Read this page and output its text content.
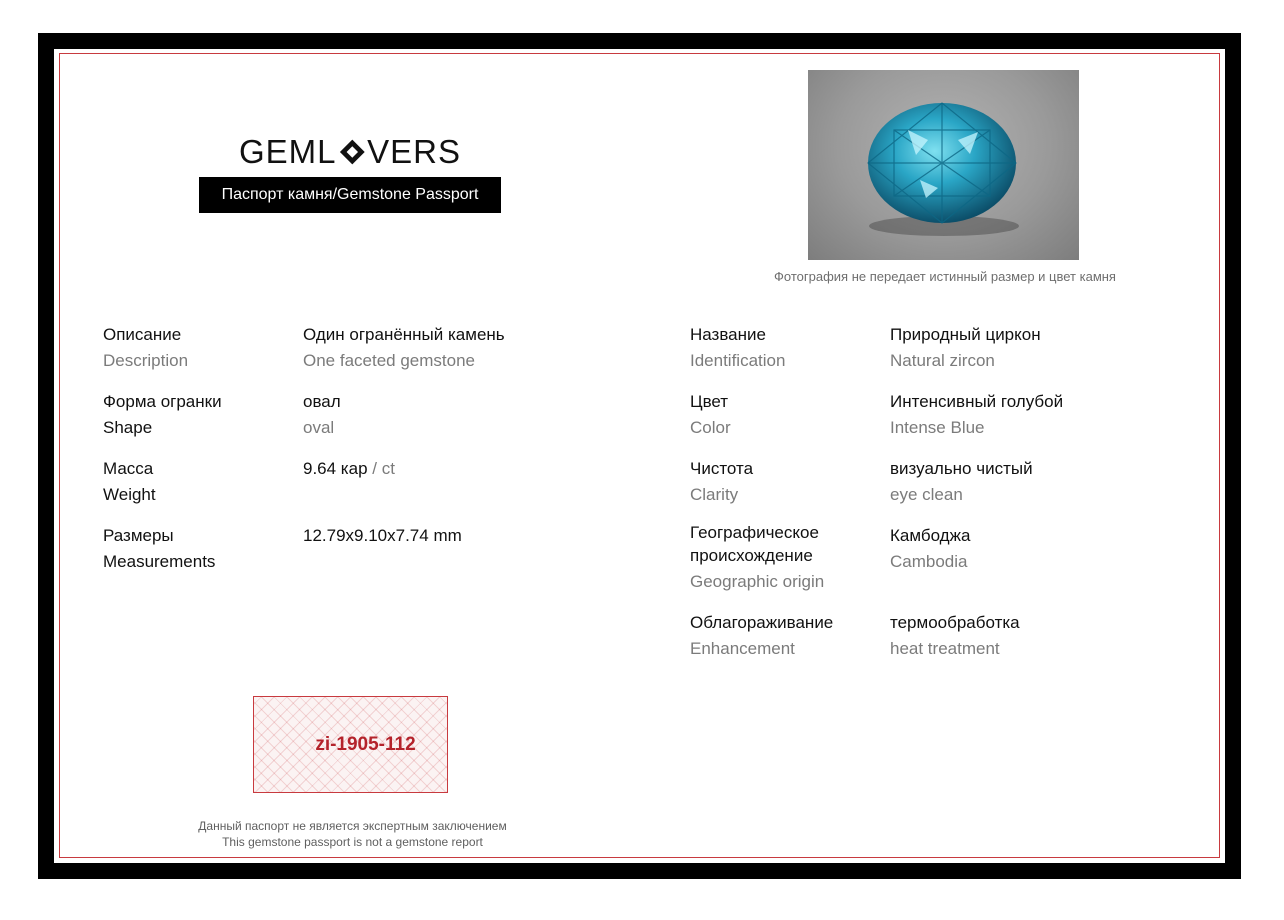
GEML VERS
Паспорт камня/Gemstone Passport
Фотография не передает истинный размер и цвет камня
Описание
Description
Один огранённый камень
One faceted gemstone
Форма огранки
Shape
овал
oval
Масса
Weight
9.64 кар / ct
Размеры
Measurements
12.79x9.10x7.74 mm
Название
Identification
Природный циркон
Natural zircon
Цвет
Color
Интенсивный голубой
Intense Blue
Чистота
Clarity
визуально чистый
eye clean
Географическое
происхождение
Geographic origin
Камбоджа
Cambodia
Облагораживание
Enhancement
термообработка
heat treatment
zi-1905-112
Данный паспорт не является экспертным заключением
This gemstone passport is not a gemstone report
